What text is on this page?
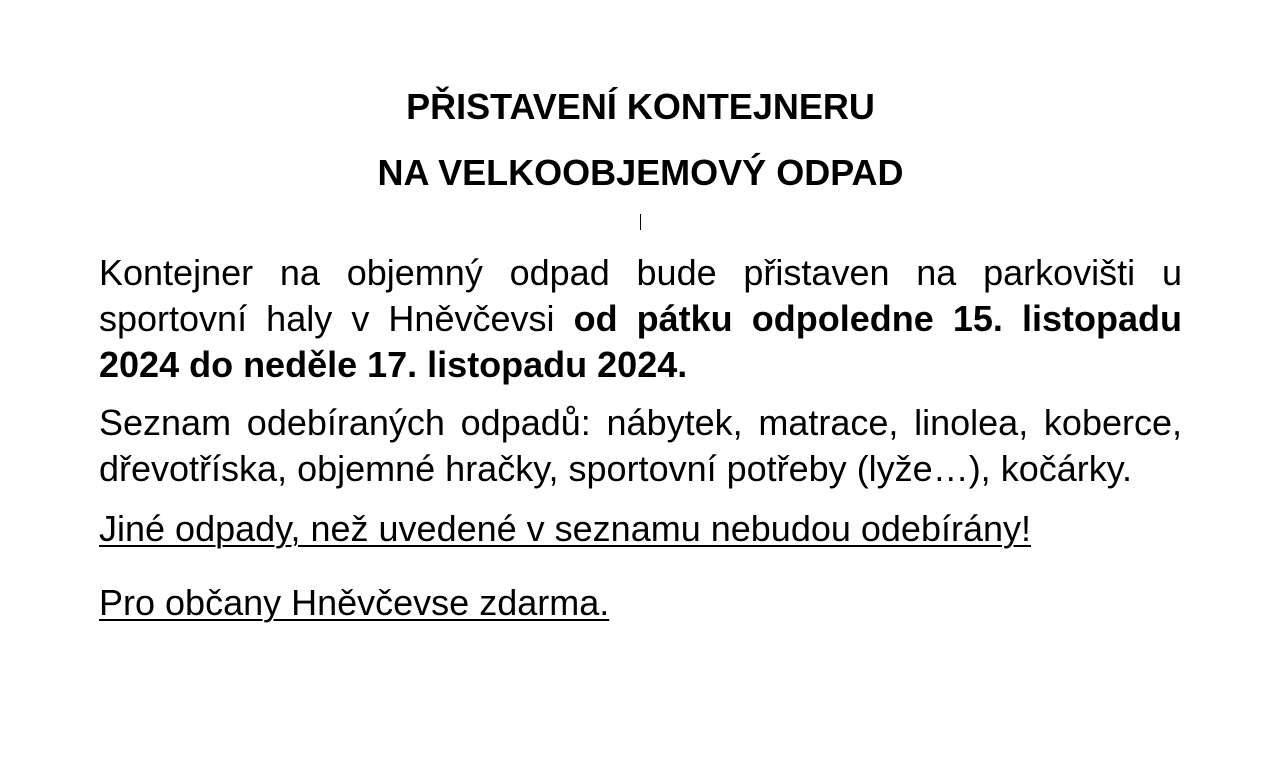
PŘISTAVENÍ KONTEJNERU
NA VELKOOBJEMOVÝ ODPAD

Kontejner na objemný odpad bude přistaven na parkovišti u sportovní haly v Hněvčevsi od pátku odpoledne 15. listopadu 2024 do neděle 17. listopadu 2024.

Seznam odebíraných odpadů: nábytek, matrace, linolea, koberce, dřevotříska, objemné hračky, sportovní potřeby (lyže…), kočárky.

Jiné odpady, než uvedené v seznamu nebudou odebírány!

Pro občany Hněvčevse zdarma.
